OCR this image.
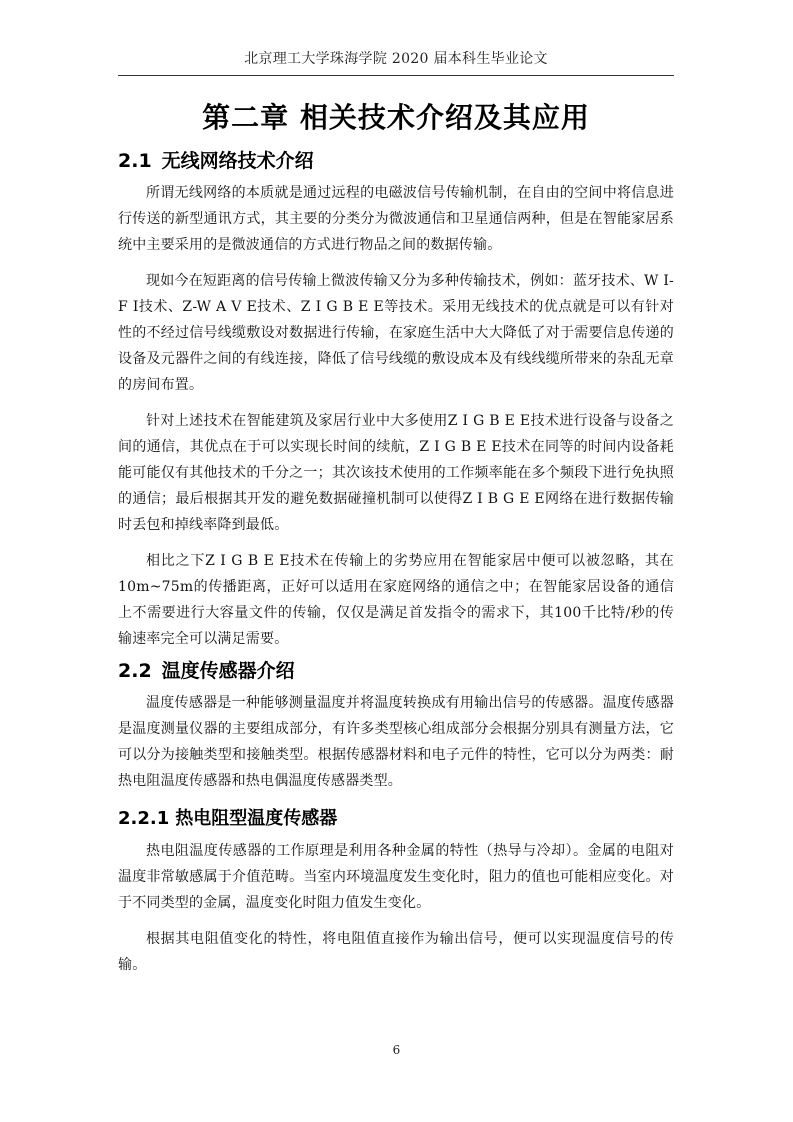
北京理工大学珠海学院 2020 届本科生毕业论文
第二章 相关技术介绍及其应用
2.1 无线网络技术介绍

所谓无线网络的本质就是通过远程的电磁波信号传输机制，在自由的空间中将信息进行传送的新型通讯方式，其主要的分类分为微波通信和卫星通信两种，但是在智能家居系统中主要采用的是微波通信的方式进行物品之间的数据传输。

现如今在短距离的信号传输上微波传输又分为多种传输技术，例如：蓝牙技术、W I-F I技术、Z-W A V E技术、Z I G B E E等技术。采用无线技术的优点就是可以有针对性的不经过信号线缆敷设对数据进行传输，在家庭生活中大大降低了对于需要信息传递的设备及元器件之间的有线连接，降低了信号线缆的敷设成本及有线线缆所带来的杂乱无章的房间布置。

针对上述技术在智能建筑及家居行业中大多使用Z I G B E E技术进行设备与设备之间的通信，其优点在于可以实现长时间的续航，Z I G B E E技术在同等的时间内设备耗能可能仅有其他技术的千分之一；其次该技术使用的工作频率能在多个频段下进行免执照的通信；最后根据其开发的避免数据碰撞机制可以使得Z I B G E E网络在进行数据传输时丢包和掉线率降到最低。

相比之下Z I G B E E技术在传输上的劣势应用在智能家居中便可以被忽略，其在10m~75m的传播距离，正好可以适用在家庭网络的通信之中；在智能家居设备的通信上不需要进行大容量文件的传输，仅仅是满足首发指令的需求下，其100千比特/秒的传输速率完全可以满足需要。

2.2 温度传感器介绍

温度传感器是一种能够测量温度并将温度转换成有用输出信号的传感器。温度传感器是温度测量仪器的主要组成部分，有许多类型核心组成部分会根据分别具有测量方法，它可以分为接触类型和接触类型。根据传感器材料和电子元件的特性，它可以分为两类：耐热电阻温度传感器和热电偶温度传感器类型。

2.2.1 热电阻型温度传感器

热电阻温度传感器的工作原理是利用各种金属的特性（热导与冷却）。金属的电阻对温度非常敏感属于介值范畴。当室内环境温度发生变化时，阻力的值也可能相应变化。对于不同类型的金属，温度变化时阻力值发生变化。

根据其电阻值变化的特性，将电阻值直接作为输出信号，便可以实现温度信号的传输。

6
